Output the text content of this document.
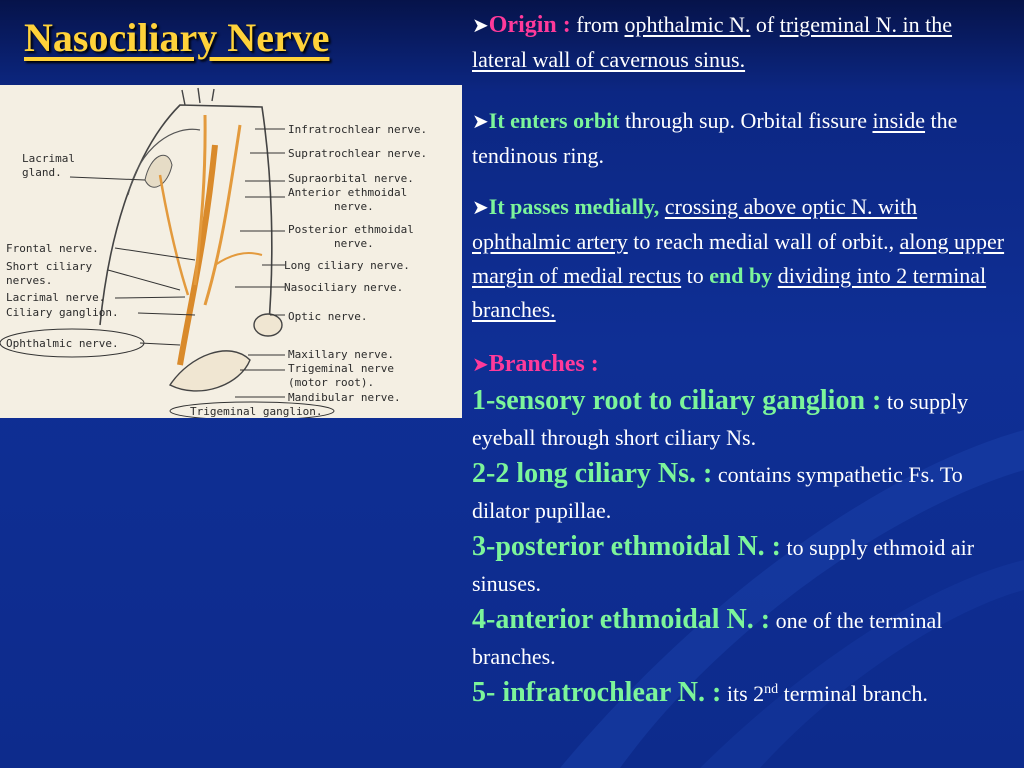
Nasociliary Nerve
Infratrochlear nerve.
Supratrochlear nerve.
Supraorbital nerve.
Anterior ethmoidal
nerve.
Posterior ethmoidal
nerve.
Long ciliary nerve.
Nasociliary nerve.
Optic nerve.
Maxillary nerve.
Trigeminal nerve
(motor root).
Mandibular nerve.
Trigeminal ganglion.
Lacrimal
gland.
Frontal nerve.
Short ciliary
nerves.
Lacrimal nerve.
Ciliary ganglion.
Ophthalmic nerve.

➤Origin : from ophthalmic N. of trigeminal N. in the lateral wall of cavernous sinus.

➤It enters orbit through sup. Orbital fissure inside the tendinous ring.

➤It passes medially, crossing above optic N. with ophthalmic artery to reach medial wall of orbit., along upper margin of medial rectus to end by dividing into 2 terminal branches.

➤Branches :
1-sensory root to ciliary ganglion : to supply eyeball through short ciliary Ns.
2-2 long ciliary Ns. : contains sympathetic Fs. To dilator pupillae.
3-posterior ethmoidal N. : to supply ethmoid air sinuses.
4-anterior ethmoidal N. : one of the terminal branches.
5- infratrochlear N. : its 2nd terminal branch.
